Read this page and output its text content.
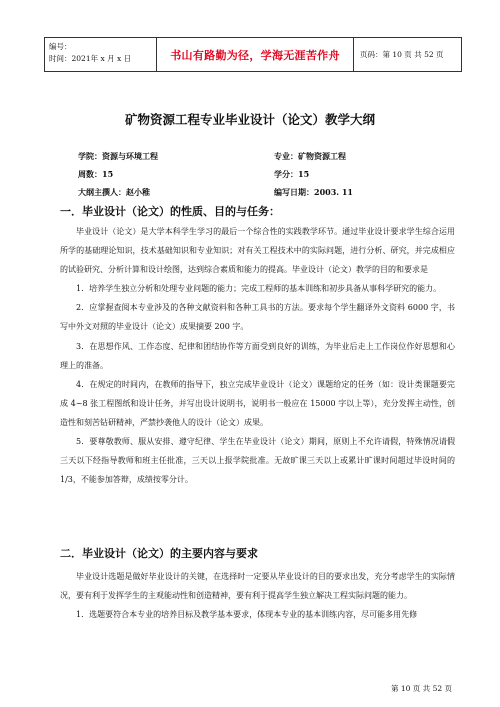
编号：
时间：2021年 x 月 x 日	书山有路勤为径，学海无涯苦作舟	页码：第 10 页 共 52 页
矿物资源工程专业毕业设计（论文）教学大纲
学院：资源与环境工程	专业：矿物资源工程
周数：15	学分：15
大纲主撰人：赵小稚	编写日期：2003. 11
一．毕业设计（论文）的性质、目的与任务：

毕业设计（论文）是大学本科学生学习的最后一个综合性的实践教学环节。通过毕业设计要求学生综合运用所学的基础理论知识，技术基础知识和专业知识；对有关工程技术中的实际问题，进行分析、研究，并完成相应的试验研究、分析计算和设计绘图，达到综合素质和能力的提高。毕业设计（论文）教学的目的和要求是

1．培养学生独立分析和处理专业问题的能力；完成工程师的基本训练和初步具备从事科学研究的能力。

2．应掌握查阅本专业涉及的各种文献资料和各种工具书的方法。要求每个学生翻译外文资料 6000 字，书写中外文对照的毕业设计（论文）成果摘要 200 字。

3．在思想作风、工作态度、纪律和团结协作等方面受到良好的训练，为毕业后走上工作岗位作好思想和心理上的准备。

4．在规定的时间内，在教师的指导下，独立完成毕业设计（论文）课题给定的任务（如：设计类课题要完成 4~8 张工程图纸和设计任务，并写出设计说明书，说明书一般应在 15000 字以上等），充分发挥主动性，创造性和刻苦钻研精神，严禁抄袭他人的设计（论文）成果。

5．要尊敬教师、服从安排、遵守纪律、学生在毕业设计（论文）期间，原则上不允许请假，特殊情况请假三天以下经指导教师和班主任批准，三天以上报学院批准。无故旷课三天以上或累计旷课时间超过毕设时间的 1/3，不能参加答辩，成绩按零分计。

二．毕业设计（论文）的主要内容与要求

毕业设计选题是做好毕业设计的关键，在选择时一定要从毕业设计的目的要求出发，充分考虑学生的实际情况，要有利于发挥学生的主观能动性和创造精神，要有利于提高学生独立解决工程实际问题的能力。

1．选题要符合本专业的培养目标及教学基本要求，体现本专业的基本训练内容，尽可能多用先修

第 10 页 共 52 页
